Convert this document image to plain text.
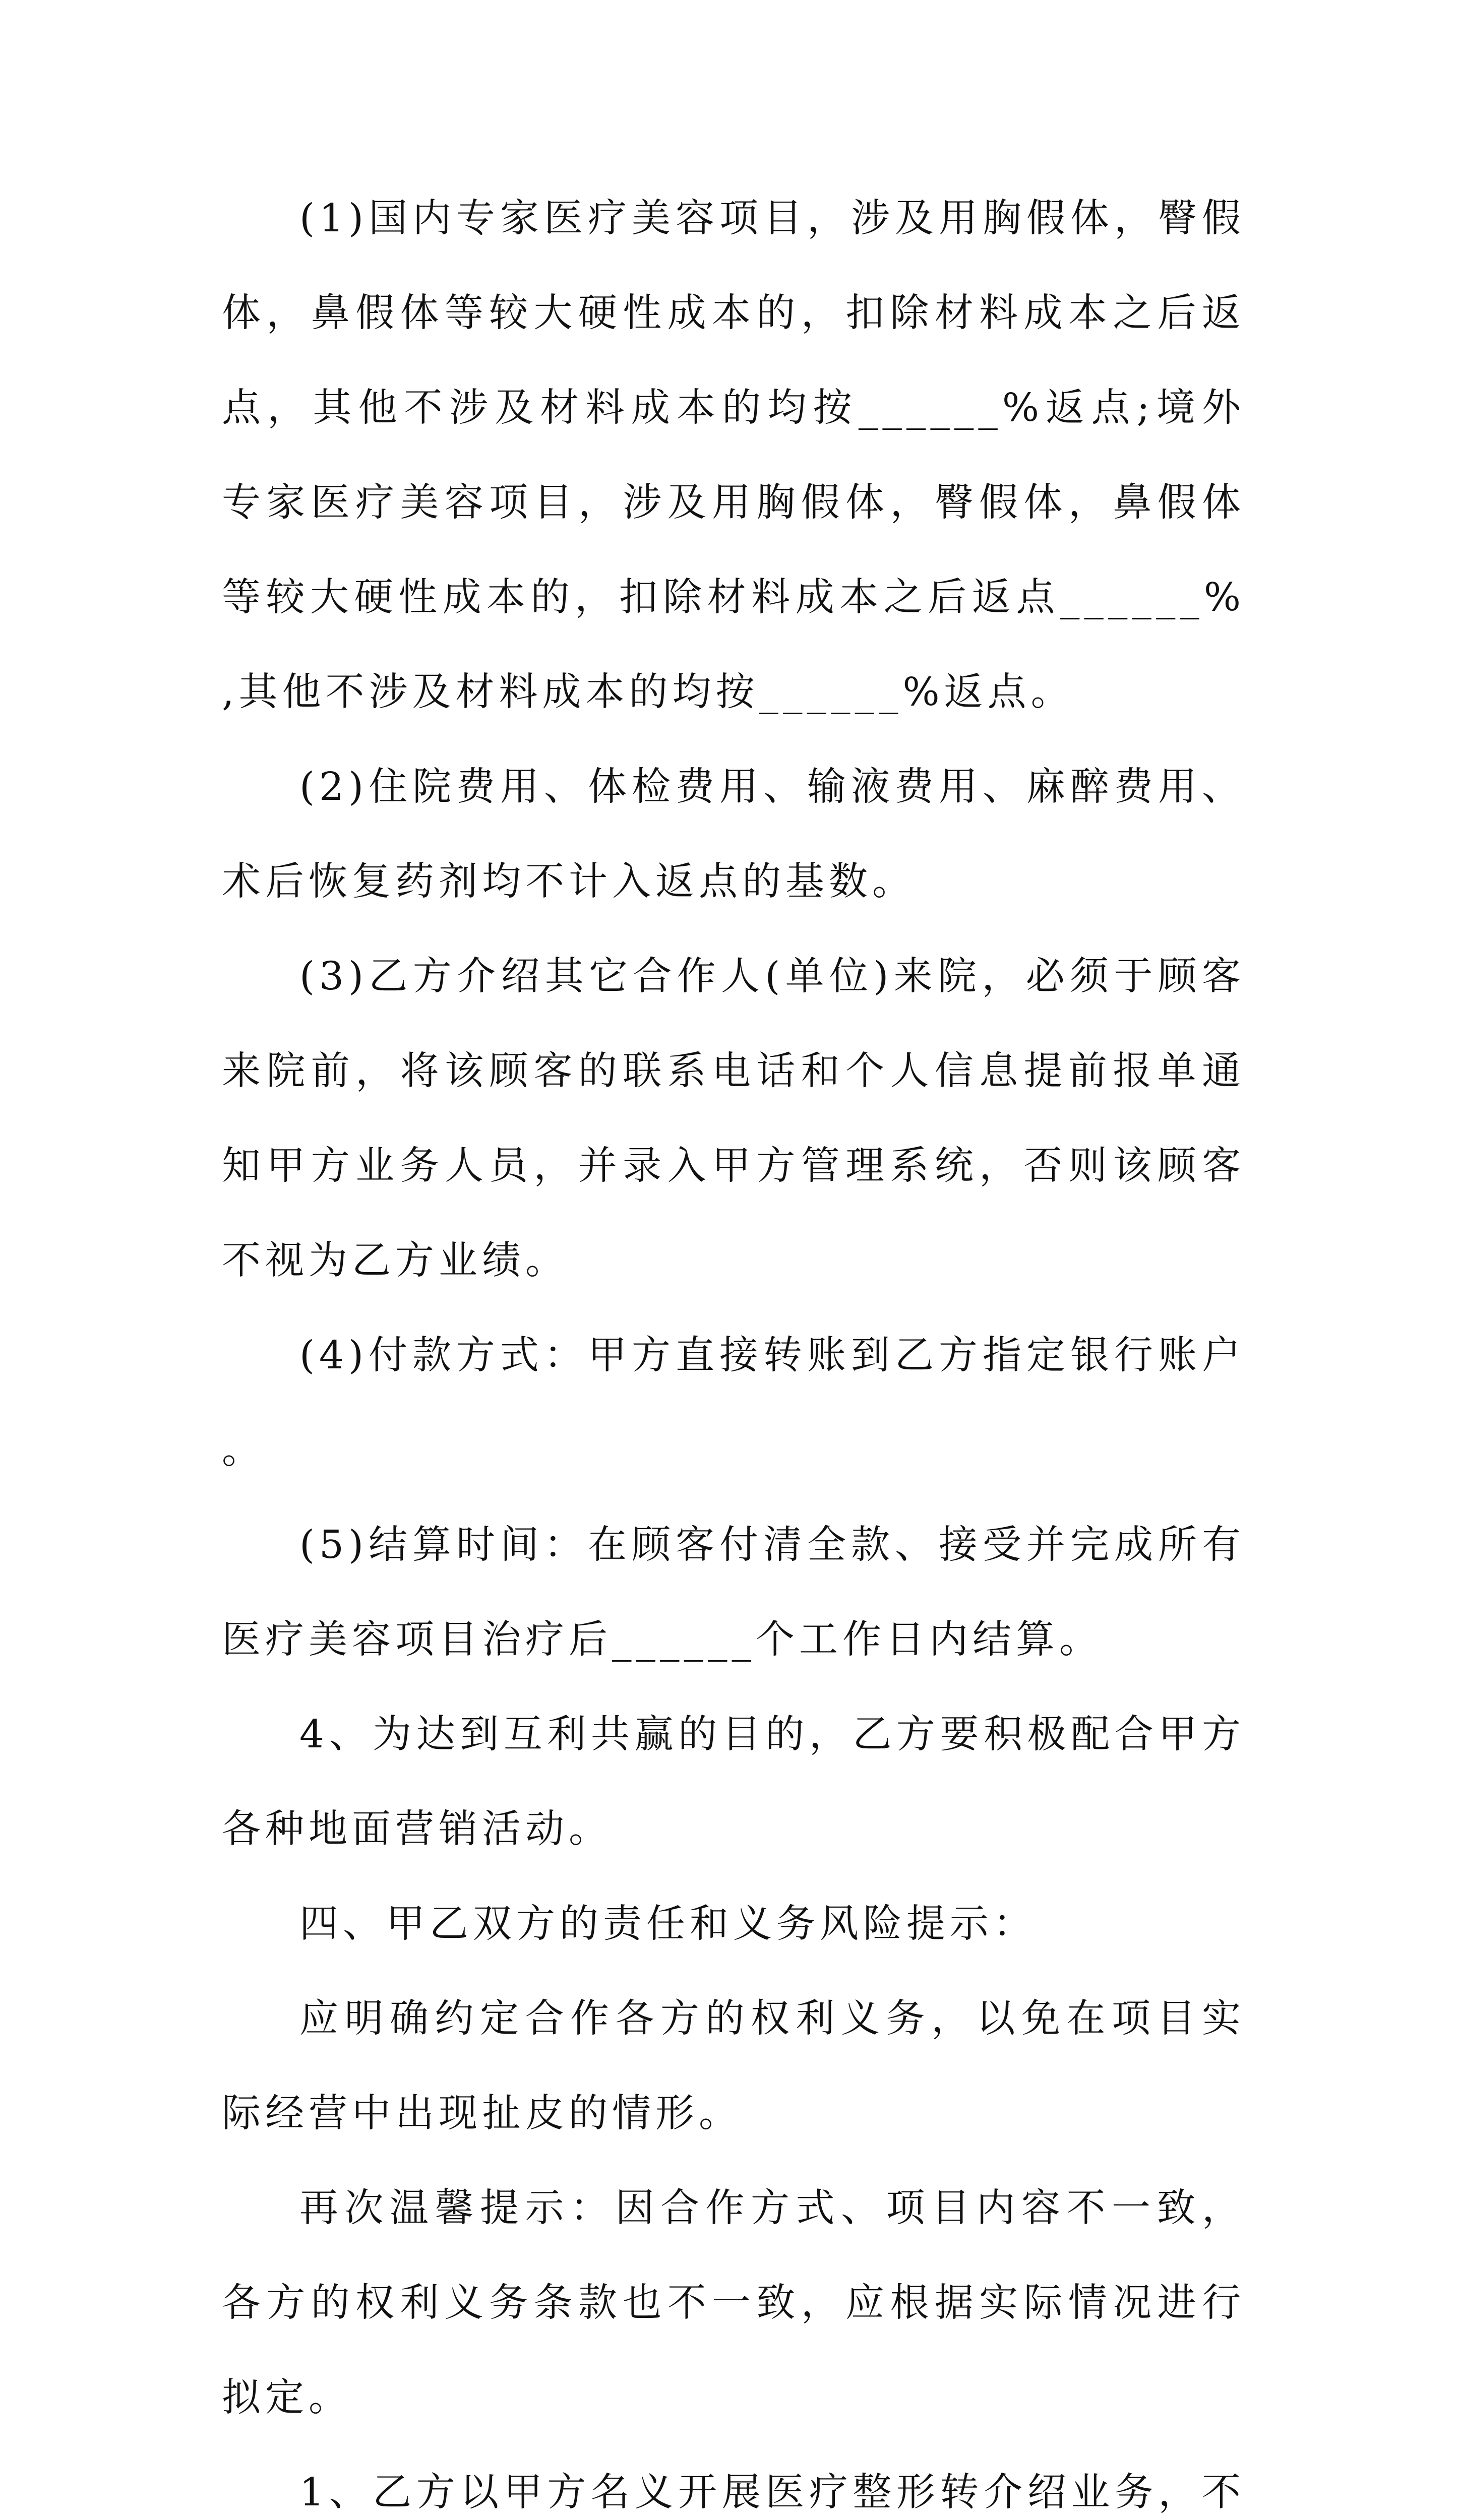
(1)国内专家医疗美容项目，涉及用胸假体，臀假体，鼻假体等较大硬性成本的，扣除材料成本之后返点，其他不涉及材料成本的均按______%返点;境外专家医疗美容项目，涉及用胸假体，臀假体，鼻假体等较大硬性成本的，扣除材料成本之后返点______%,其他不涉及材料成本的均按______%返点。

(2)住院费用、体检费用、输液费用、麻醉费用、术后恢复药剂均不计入返点的基数。

(3)乙方介绍其它合作人(单位)来院，必须于顾客来院前，将该顾客的联系电话和个人信息提前报单通知甲方业务人员，并录入甲方管理系统，否则该顾客不视为乙方业绩。

(4)付款方式：甲方直接转账到乙方指定银行账户。

(5)结算时间：在顾客付清全款、接受并完成所有医疗美容项目治疗后______个工作日内结算。

4、为达到互利共赢的目的，乙方要积极配合甲方各种地面营销活动。

四、甲乙双方的责任和义务风险提示：

应明确约定合作各方的权利义务，以免在项目实际经营中出现扯皮的情形。

再次温馨提示：因合作方式、项目内容不一致，各方的权利义务条款也不一致，应根据实际情况进行拟定。

1、乙方以甲方名义开展医疗整形转介绍业务，不
